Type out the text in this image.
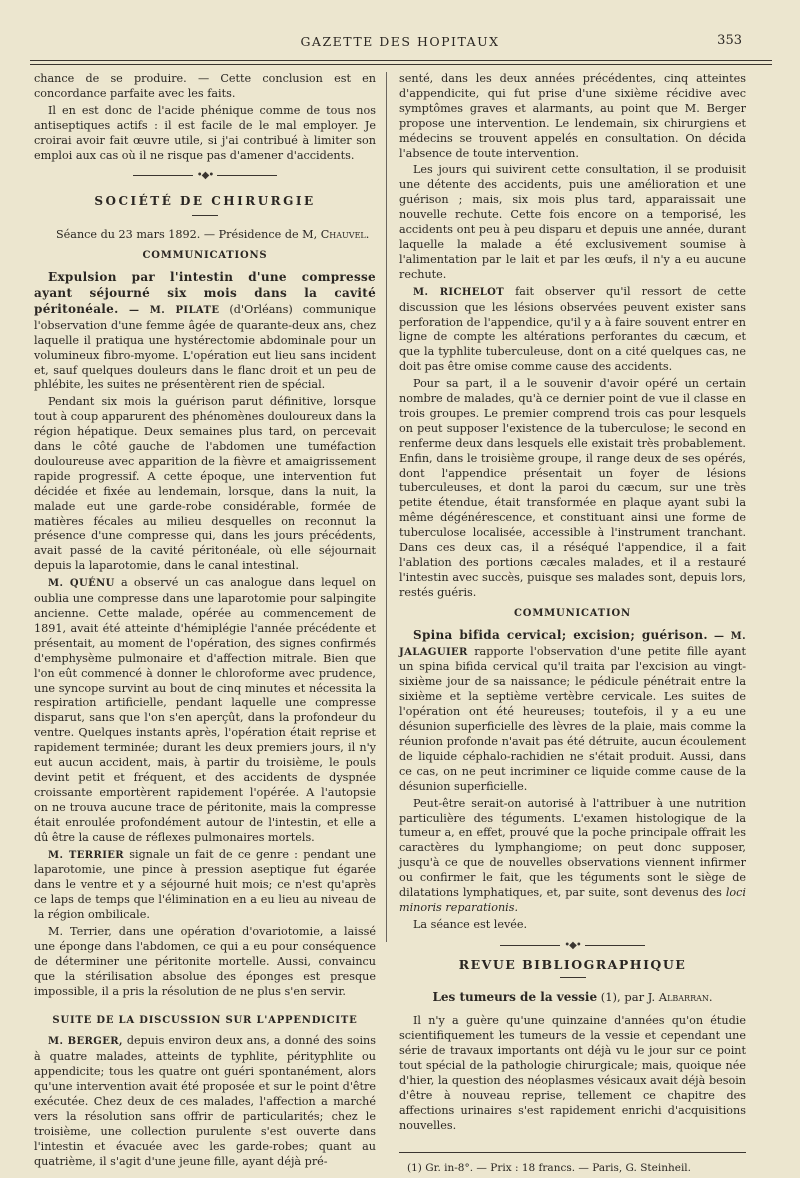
GAZETTE DES HOPITAUX	353

chance de se produire. — Cette conclusion est en concordance parfaite avec les faits.

Il en est donc de l'acide phénique comme de tous nos antiseptiques actifs : il est facile de le mal employer. Je croirai avoir fait œuvre utile, si j'ai contribué à limiter son emploi aux cas où il ne risque pas d'amener d'accidents.

•◆•
SOCIÉTÉ DE CHIRURGIE

Séance du 23 mars 1892. — Présidence de M, Chauvel.

COMMUNICATIONS

Expulsion par l'intestin d'une compresse ayant séjourné six mois dans la cavité péritonéale. — M. PILATE (d'Orléans) communique l'observation d'une femme âgée de quarante-deux ans, chez laquelle il pratiqua une hystérectomie abdominale pour un volumineux fibro-myome. L'opération eut lieu sans incident et, sauf quelques douleurs dans le flanc droit et un peu de phlébite, les suites ne présentèrent rien de spécial.

Pendant six mois la guérison parut définitive, lorsque tout à coup apparurent des phénomènes douloureux dans la région hépatique. Deux semaines plus tard, on percevait dans le côté gauche de l'abdomen une tuméfaction douloureuse avec apparition de la fièvre et amaigrissement rapide progressif. A cette époque, une intervention fut décidée et fixée au lendemain, lorsque, dans la nuit, la malade eut une garde-robe considérable, formée de matières fécales au milieu desquelles on reconnut la présence d'une compresse qui, dans les jours précédents, avait passé de la cavité péritonéale, où elle séjournait depuis la laparotomie, dans le canal intestinal.

M. QUÉNU a observé un cas analogue dans lequel on oublia une compresse dans une laparotomie pour salpingite ancienne. Cette malade, opérée au commencement de 1891, avait été atteinte d'hémiplégie l'année précédente et présentait, au moment de l'opération, des signes confirmés d'emphysème pulmonaire et d'affection mitrale. Bien que l'on eût commencé à donner le chloroforme avec prudence, une syncope survint au bout de cinq minutes et nécessita la respiration artificielle, pendant laquelle une compresse disparut, sans que l'on s'en aperçût, dans la profondeur du ventre. Quelques instants après, l'opération était reprise et rapidement terminée; durant les deux premiers jours, il n'y eut aucun accident, mais, à partir du troisième, le pouls devint petit et fréquent, et des accidents de dyspnée croissante emportèrent rapidement l'opérée. A l'autopsie on ne trouva aucune trace de péritonite, mais la compresse était enroulée profondément autour de l'intestin, et elle a dû être la cause de réflexes pulmonaires mortels.

M. TERRIER signale un fait de ce genre : pendant une laparotomie, une pince à pression aseptique fut égarée dans le ventre et y a séjourné huit mois; ce n'est qu'après ce laps de temps que l'élimination en a eu lieu au niveau de la région ombilicale.

M. Terrier, dans une opération d'ovariotomie, a laissé une éponge dans l'abdomen, ce qui a eu pour conséquence de déterminer une péritonite mortelle. Aussi, convaincu que la stérilisation absolue des éponges est presque impossible, il a pris la résolution de ne plus s'en servir.

SUITE DE LA DISCUSSION SUR L'APPENDICITE

M. BERGER, depuis environ deux ans, a donné des soins à quatre malades, atteints de typhlite, pérityphlite ou appendicite; tous les quatre ont guéri spontanément, alors qu'une intervention avait été proposée et sur le point d'être exécutée. Chez deux de ces malades, l'affection a marché vers la résolution sans offrir de particularités; chez le troisième, une collection purulente s'est ouverte dans l'intestin et évacuée avec les garde-robes; quant au quatrième, il s'agit d'une jeune fille, ayant déjà pré-

senté, dans les deux années précédentes, cinq atteintes d'appendicite, qui fut prise d'une sixième récidive avec symptômes graves et alarmants, au point que M. Berger propose une intervention. Le lendemain, six chirurgiens et médecins se trouvent appelés en consultation. On décida l'absence de toute intervention.

Les jours qui suivirent cette consultation, il se produisit une détente des accidents, puis une amélioration et une guérison ; mais, six mois plus tard, apparaissait une nouvelle rechute. Cette fois encore on a temporisé, les accidents ont peu à peu disparu et depuis une année, durant laquelle la malade a été exclusivement soumise à l'alimentation par le lait et par les œufs, il n'y a eu aucune rechute.

M. RICHELOT fait observer qu'il ressort de cette discussion que les lésions observées peuvent exister sans perforation de l'appendice, qu'il y a à faire souvent entrer en ligne de compte les altérations perforantes du cæcum, et que la typhlite tuberculeuse, dont on a cité quelques cas, ne doit pas être omise comme cause des accidents.

Pour sa part, il a le souvenir d'avoir opéré un certain nombre de malades, qu'à ce dernier point de vue il classe en trois groupes. Le premier comprend trois cas pour lesquels on peut supposer l'existence de la tuberculose; le second en renferme deux dans lesquels elle existait très probablement. Enfin, dans le troisième groupe, il range deux de ses opérés, dont l'appendice présentait un foyer de lésions tuberculeuses, et dont la paroi du cæcum, sur une très petite étendue, était transformée en plaque ayant subi la même dégénérescence, et constituant ainsi une forme de tuberculose localisée, accessible à l'instrument tranchant. Dans ces deux cas, il a réséqué l'appendice, il a fait l'ablation des portions cæcales malades, et il a restauré l'intestin avec succès, puisque ses malades sont, depuis lors, restés guéris.

COMMUNICATION

Spina bifida cervical; excision; guérison. — M. JALAGUIER rapporte l'observation d'une petite fille ayant un spina bifida cervical qu'il traita par l'excision au vingt-sixième jour de sa naissance; le pédicule pénétrait entre la sixième et la septième vertèbre cervicale. Les suites de l'opération ont été heureuses; toutefois, il y a eu une désunion superficielle des lèvres de la plaie, mais comme la réunion profonde n'avait pas été détruite, aucun écoulement de liquide céphalo-rachidien ne s'était produit. Aussi, dans ce cas, on ne peut incriminer ce liquide comme cause de la désunion superficielle.

Peut-être serait-on autorisé à l'attribuer à une nutrition particulière des téguments. L'examen histologique de la tumeur a, en effet, prouvé que la poche principale offrait les caractères du lymphangiome; on peut donc supposer, jusqu'à ce que de nouvelles observations viennent infirmer ou confirmer le fait, que les téguments sont le siège de dilatations lymphatiques, et, par suite, sont devenus des loci minoris reparationis.

La séance est levée.

•◆•
REVUE BIBLIOGRAPHIQUE
Les tumeurs de la vessie (1), par J. Albarran.

Il n'y a guère qu'une quinzaine d'années qu'on étudie scientifiquement les tumeurs de la vessie et cependant une série de travaux importants ont déjà vu le jour sur ce point tout spécial de la pathologie chirurgicale; mais, quoique née d'hier, la question des néoplasmes vésicaux avait déjà besoin d'être à nouveau reprise, tellement ce chapitre des affections urinaires s'est rapidement enrichi d'acquisitions nouvelles.

(1) Gr. in-8°. — Prix : 18 francs. — Paris, G. Steinheil.
